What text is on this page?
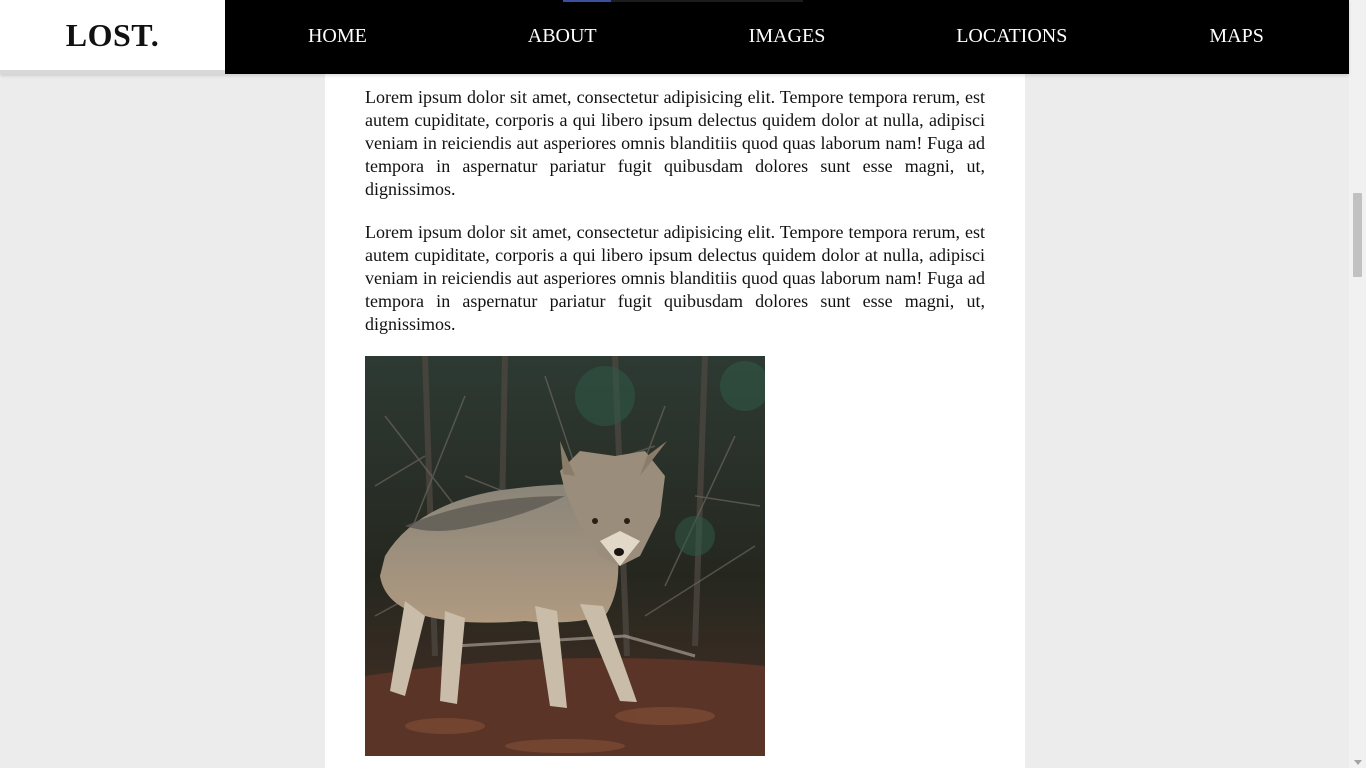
LOST.	HOME	ABOUT	IMAGES	LOCATIONS	MAPS

Lorem ipsum dolor sit amet, consectetur adipisicing elit. Tempore tempora rerum, est autem cupiditate, corporis a qui libero ipsum delectus quidem dolor at nulla, adipisci veniam in reiciendis aut asperiores omnis blanditiis quod quas laborum nam! Fuga ad tempora in aspernatur pariatur fugit quibusdam dolores sunt esse magni, ut, dignissimos.

Lorem ipsum dolor sit amet, consectetur adipisicing elit. Tempore tempora rerum, est autem cupiditate, corporis a qui libero ipsum delectus quidem dolor at nulla, adipisci veniam in reiciendis aut asperiores omnis blanditiis quod quas laborum nam! Fuga ad tempora in aspernatur pariatur fugit quibusdam dolores sunt esse magni, ut, dignissimos.
